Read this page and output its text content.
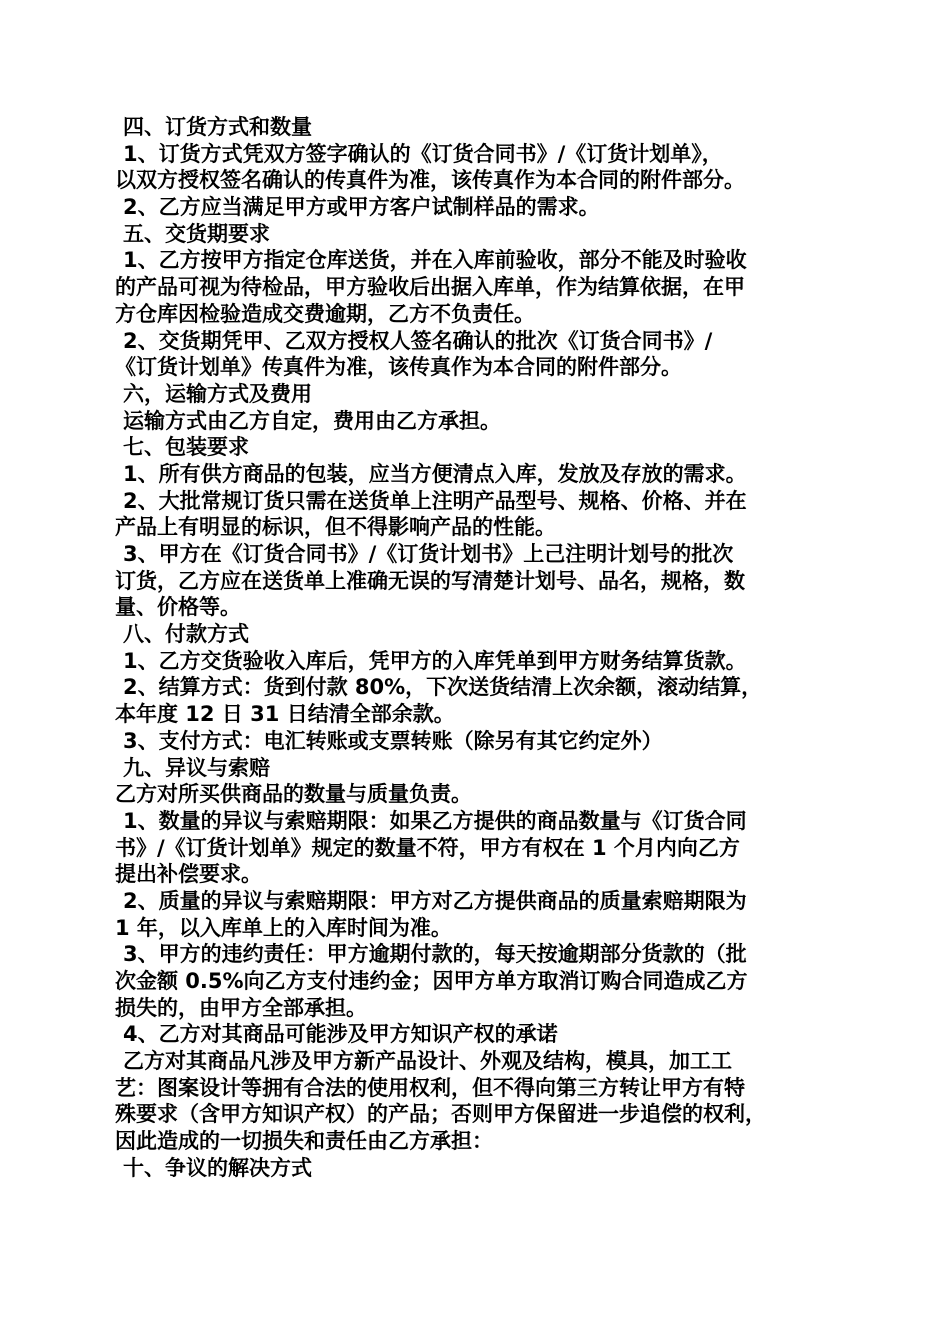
四、订货方式和数量
1、订货方式凭双方签字确认的《订货合同书》/《订货计划单》，
以双方授权签名确认的传真件为准，该传真作为本合同的附件部分。
2、乙方应当满足甲方或甲方客户试制样品的需求。
五、交货期要求
1、乙方按甲方指定仓库送货，并在入库前验收，部分不能及时验收
的产品可视为待检品，甲方验收后出据入库单，作为结算依据，在甲
方仓库因检验造成交费逾期，乙方不负责任。
2、交货期凭甲、乙双方授权人签名确认的批次《订货合同书》/
《订货计划单》传真件为准，该传真作为本合同的附件部分。
六，运输方式及费用
运输方式由乙方自定，费用由乙方承担。
七、包装要求
1、所有供方商品的包装，应当方便清点入库，发放及存放的需求。
2、大批常规订货只需在送货单上注明产品型号、规格、价格、并在
产品上有明显的标识，但不得影响产品的性能。
3、甲方在《订货合同书》/《订货计划书》上己注明计划号的批次
订货，乙方应在送货单上准确无误的写清楚计划号、品名，规格，数
量、价格等。
八、付款方式
1、乙方交货验收入库后，凭甲方的入库凭单到甲方财务结算货款。
2、结算方式：货到付款 80%，下次送货结清上次余额，滚动结算，
本年度 12 日 31 日结清全部余款。
3、支付方式：电汇转账或支票转账（除另有其它约定外）
九、异议与索赔
乙方对所买供商品的数量与质量负责。
1、数量的异议与索赔期限：如果乙方提供的商品数量与《订货合同
书》/《订货计划单》规定的数量不符，甲方有权在 1 个月内向乙方
提出补偿要求。
2、质量的异议与索赔期限：甲方对乙方提供商品的质量索赔期限为
1 年，以入库单上的入库时间为准。
3、甲方的违约责任：甲方逾期付款的，每天按逾期部分货款的（批
次金额 0.5%向乙方支付违约金；因甲方单方取消订购合同造成乙方
损失的，由甲方全部承担。
4、乙方对其商品可能涉及甲方知识产权的承诺
乙方对其商品凡涉及甲方新产品设计、外观及结构，模具，加工工
艺：图案设计等拥有合法的使用权利，但不得向第三方转让甲方有特
殊要求（含甲方知识产权）的产品；否则甲方保留进一步追偿的权利，
因此造成的一切损失和责任由乙方承担：
十、争议的解决方式
